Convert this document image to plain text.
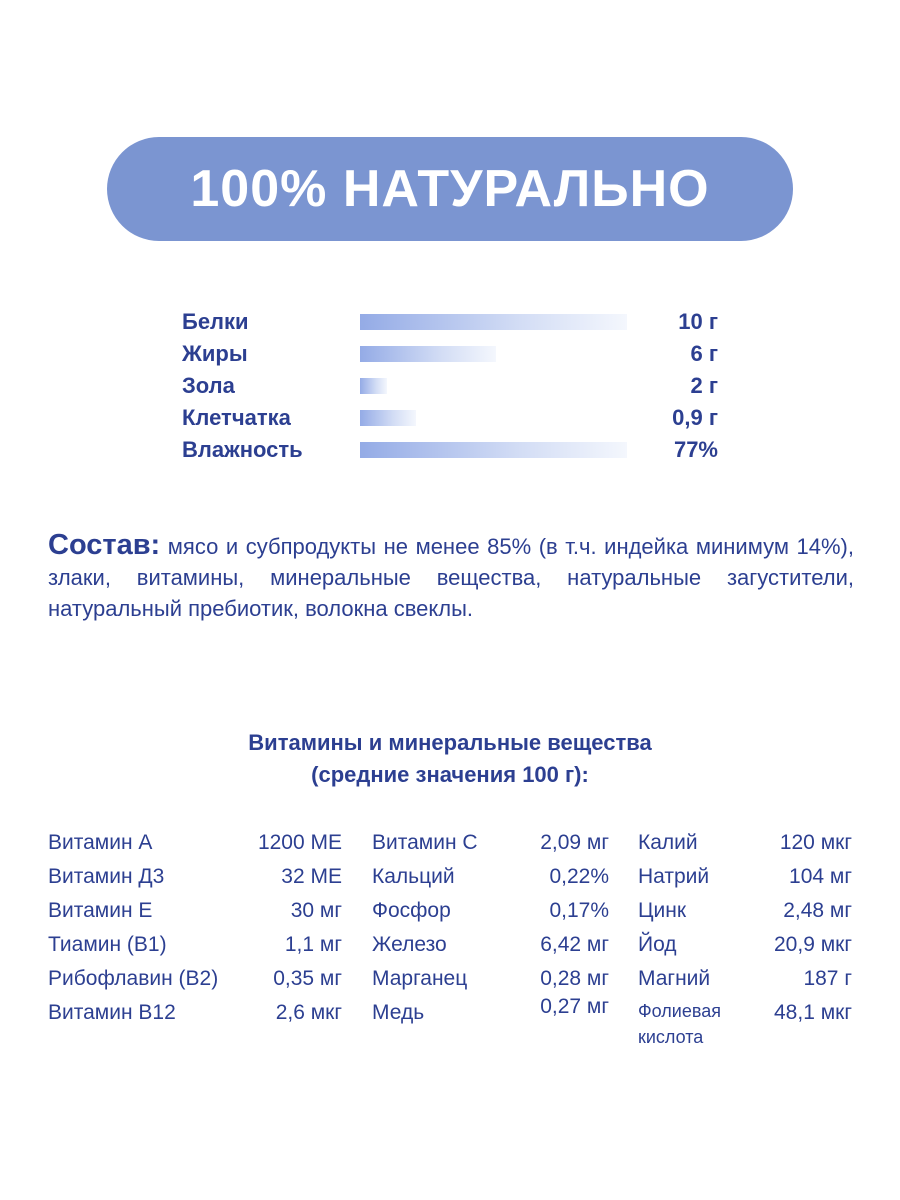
100% НАТУРАЛЬНО
Белки	10 г
Жиры	6 г
Зола	2 г
Клетчатка	0,9 г
Влажность	77%
Состав: мясо и субпродукты не менее 85% (в т.ч. индейка минимум 14%), злаки, витамины, минеральные вещества, натуральные загустители, натуральный пребиотик, волокна свеклы.
Витамины и минеральные вещества
(средние значения 100 г):
Витамин А	1200 МЕ
Витамин Д3	32 МЕ
Витамин Е	30 мг
Тиамин (В1)	1,1 мг
Рибофлавин (В2)	0,35 мг
Витамин В12	2,6 мкг
Витамин С	2,09 мг
Кальций	0,22%
Фосфор	0,17%
Железо	6,42 мг
Марганец	0,28 мг
Медь	0,27 мг
Калий	120 мкг
Натрий	104 мг
Цинк	2,48 мг
Йод	20,9 мкг
Магний	187 г
Фолиевая
кислота
48,1 мкг
